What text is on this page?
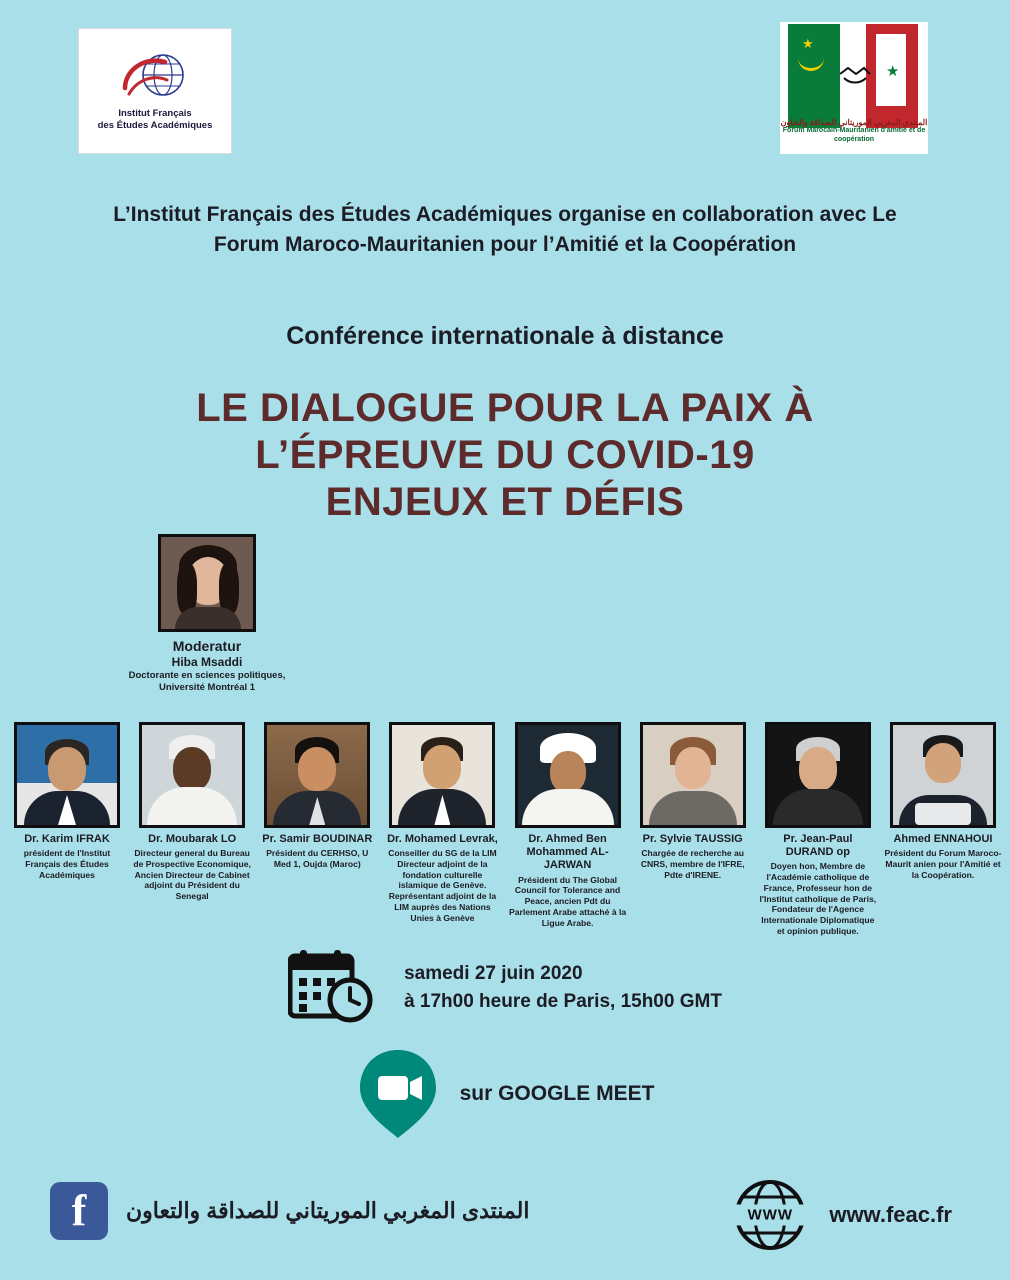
Institut Français
des Études Académiques
★
★
المنتدى المغربي الموريتاني للصداقة والتعاون
Forum Marocain-Mauritanien d'amitié et de coopération
L’Institut Français des Études Académiques organise en collaboration avec Le Forum Maroco-Mauritanien pour l’Amitié et la Coopération
Conférence internationale à distance
LE DIALOGUE POUR LA PAIX À
L’ÉPREUVE DU COVID-19
ENJEUX ET DÉFIS
Moderatur
Hiba Msaddi
Doctorante en sciences politiques, Université Montréal 1
Dr. Karim IFRAK
président de l'Institut Français des Études Académiques
Dr. Moubarak LO
Directeur general du Bureau de Prospective Economique, Ancien Directeur de Cabinet adjoint du Président du Senegal
Pr. Samir BOUDINAR
Président du CERHSO, U Med 1, Oujda (Maroc)
Dr. Mohamed Levrak,
Conseiller du SG de la LIM Directeur adjoint de la fondation culturelle islamique de Genève. Représentant adjoint de la LIM auprès des Nations Unies à Genève
Dr. Ahmed Ben Mohammed AL-JARWAN
Président du The Global Council for Tolerance and Peace, ancien Pdt du Parlement Arabe attaché à la Ligue Arabe.
Pr. Sylvie TAUSSIG
Chargée de recherche au CNRS, membre de l'IFRE, Pdte d'IRENE.
Pr. Jean-Paul DURAND op
Doyen hon, Membre de l'Académie catholique de France, Professeur hon de l'Institut catholique de Paris, Fondateur de l'Agence Internationale Diplomatique et opinion publique.
Ahmed ENNAHOUI
Président du Forum Maroco-Maurit anien pour l'Amitié et la Coopération.
samedi 27 juin 2020
à 17h00 heure de Paris, 15h00 GMT
sur GOOGLE MEET
f المنتدى المغربي الموريتاني للصداقة والتعاون	WWW	www.feac.fr
